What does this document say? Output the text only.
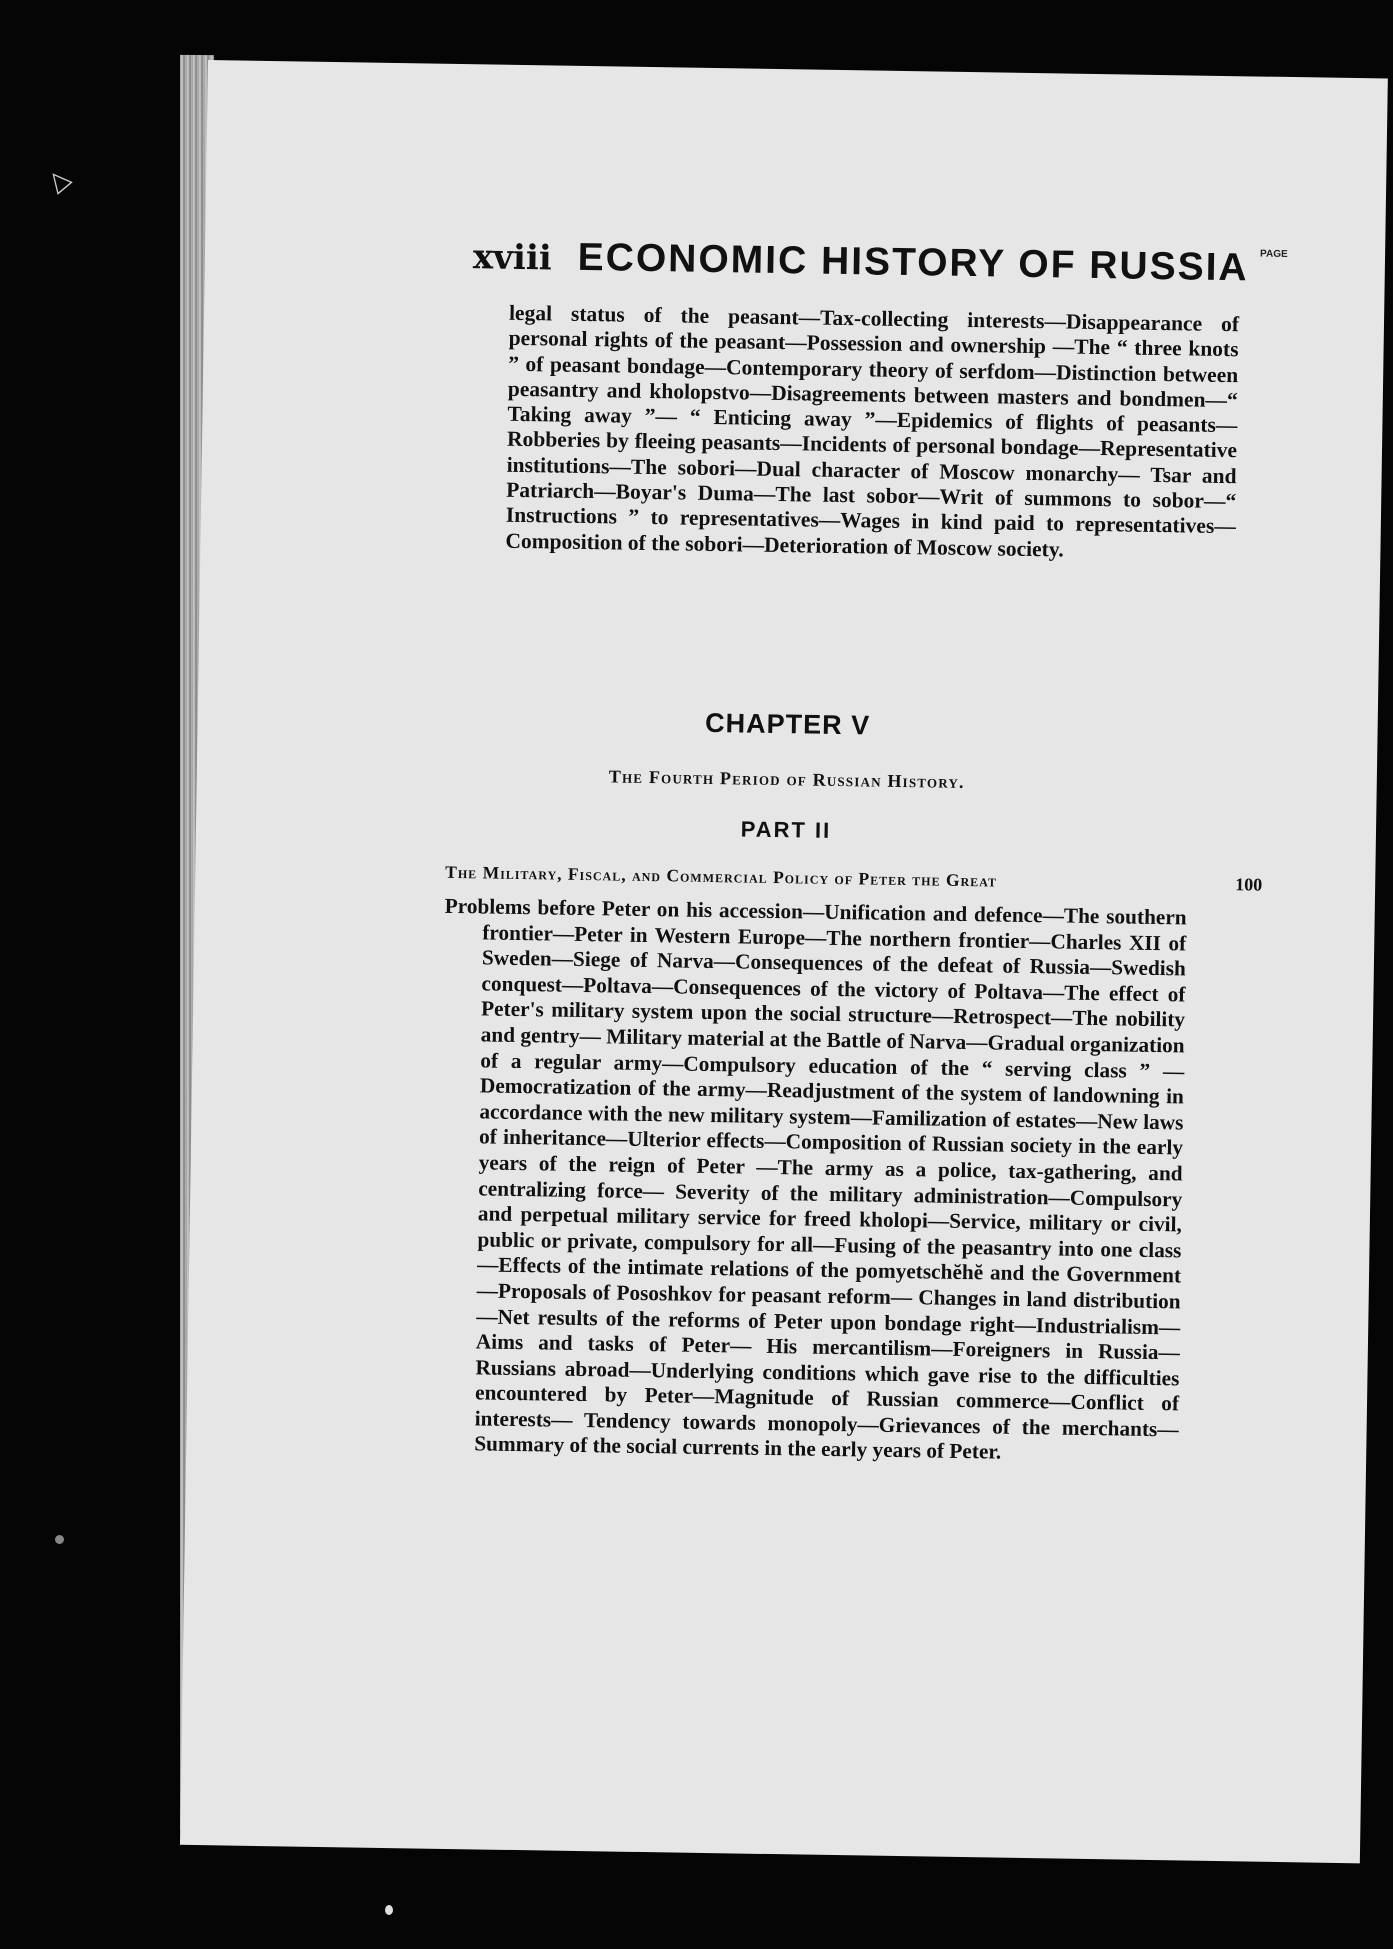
xviii ECONOMIC HISTORY OF RUSSIA PAGE

legal status of the peasant—Tax-collecting interests—Disappearance of personal rights of the peasant—Possession and ownership —The “ three knots ” of peasant bondage—Contemporary theory of serfdom—Distinction between peasantry and kholopstvo—Disagreements between masters and bondmen—“ Taking away ”— “ Enticing away ”—Epidemics of flights of peasants—Robberies by fleeing peasants—Incidents of personal bondage—Representative institutions—The sobori—Dual character of Moscow monarchy— Tsar and Patriarch—Boyar's Duma—The last sobor—Writ of summons to sobor—“ Instructions ” to representatives—Wages in kind paid to representatives—Composition of the sobori—Deterioration of Moscow society.

CHAPTER V
The Fourth Period of Russian History.
PART II
The Military, Fiscal, and Commercial Policy of Peter the Great	100

Problems before Peter on his accession—Unification and defence—The southern frontier—Peter in Western Europe—The northern frontier—Charles XII of Sweden—Siege of Narva—Consequences of the defeat of Russia—Swedish conquest—Poltava—Consequences of the victory of Poltava—The effect of Peter's military system upon the social structure—Retrospect—The nobility and gentry— Military material at the Battle of Narva—Gradual organization of a regular army—Compulsory education of the “ serving class ” —Democratization of the army—Readjustment of the system of landowning in accordance with the new military system—Familization of estates—New laws of inheritance—Ulterior effects—Composition of Russian society in the early years of the reign of Peter —The army as a police, tax-gathering, and centralizing force— Severity of the military administration—Compulsory and perpetual military service for freed kholopi—Service, military or civil, public or private, compulsory for all—Fusing of the peasantry into one class—Effects of the intimate relations of the pomyetschĕhĕ and the Government—Proposals of Pososhkov for peasant reform— Changes in land distribution—Net results of the reforms of Peter upon bondage right—Industrialism—Aims and tasks of Peter— His mercantilism—Foreigners in Russia—Russians abroad—Underlying conditions which gave rise to the difficulties encountered by Peter—Magnitude of Russian commerce—Conflict of interests— Tendency towards monopoly—Grievances of the merchants—Summary of the social currents in the early years of Peter.

△
